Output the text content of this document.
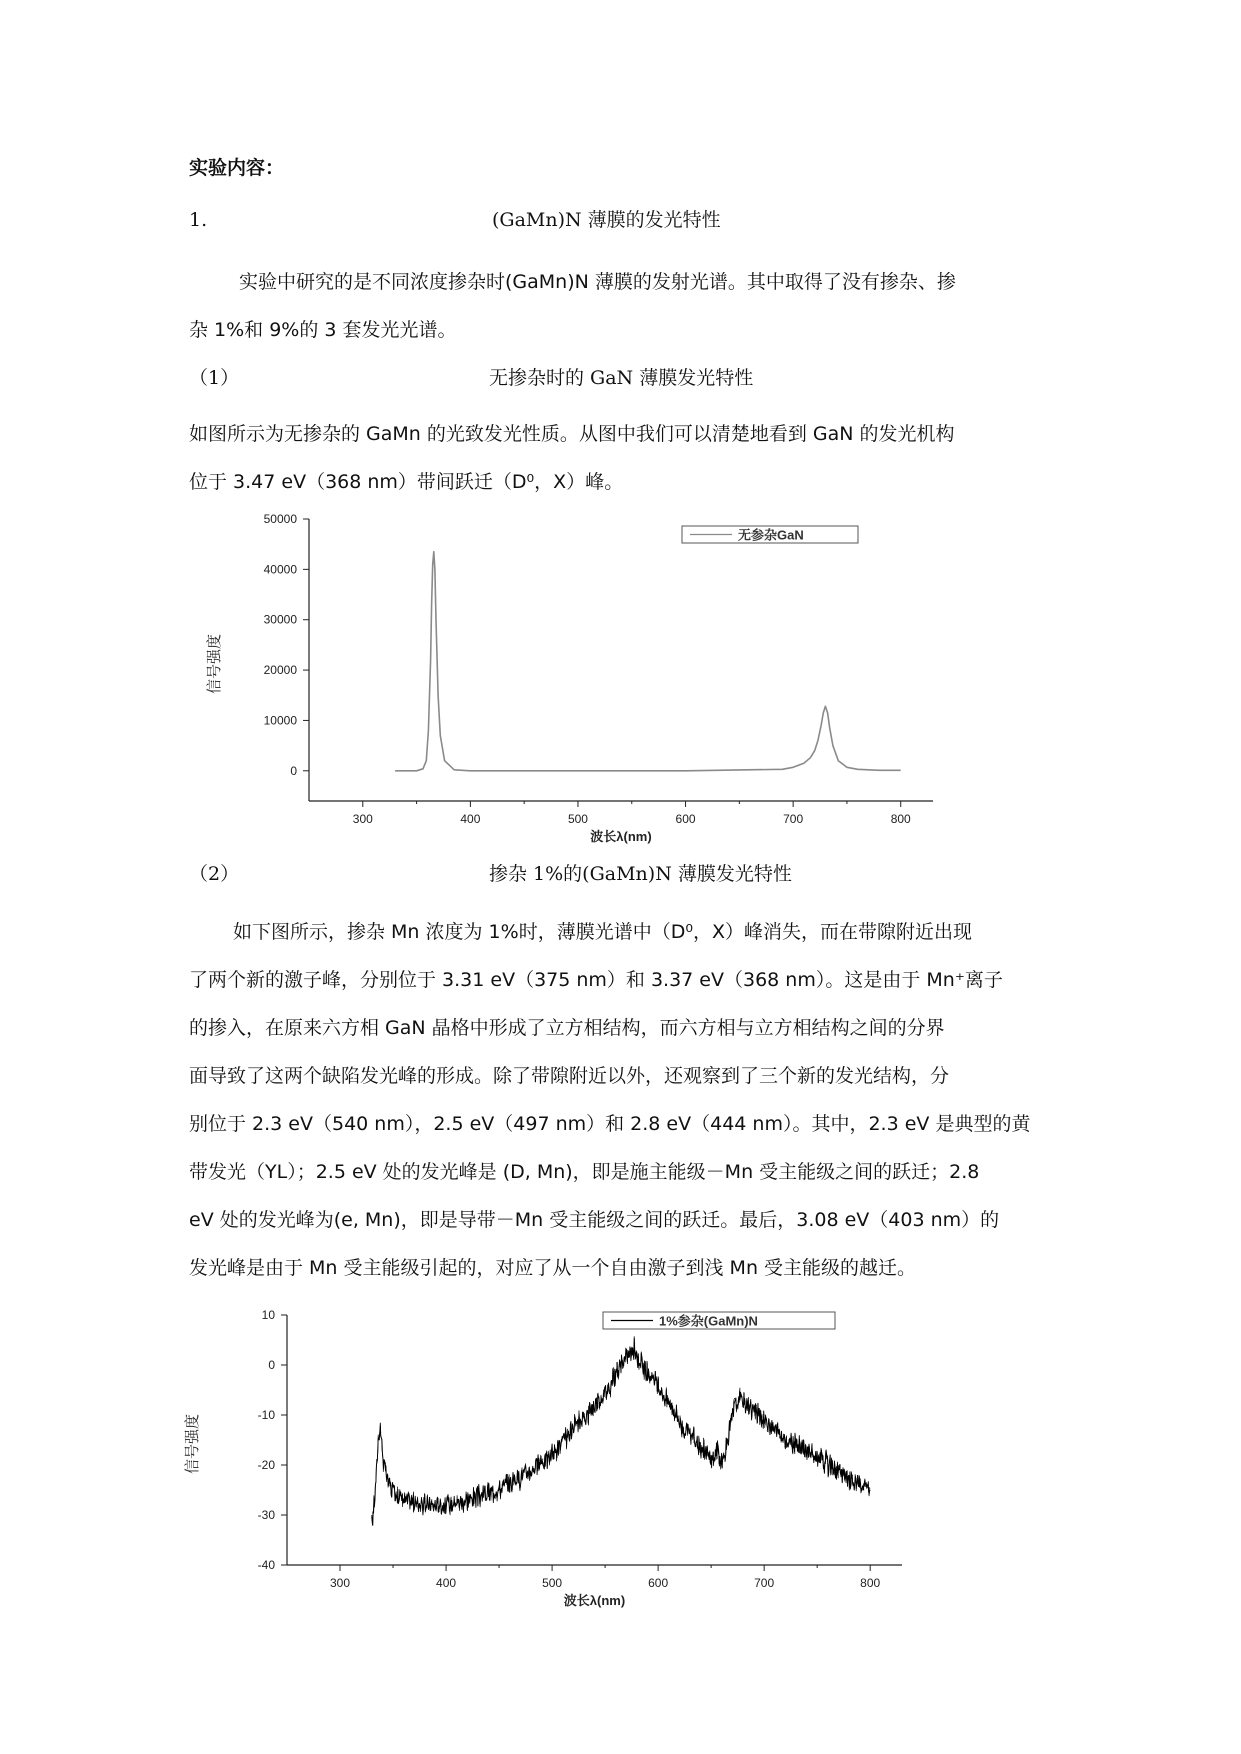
实验内容：

1.	(GaMn)N 薄膜的发光特性

实验中研究的是不同浓度掺杂时(GaMn)N 薄膜的发射光谱。其中取得了没有掺杂、掺

杂 1%和 9%的 3 套发光光谱。

（1）	无掺杂时的 GaN 薄膜发光特性

如图所示为无掺杂的 GaMn 的光致发光性质。从图中我们可以清楚地看到 GaN 的发光机构

位于 3.47 eV（368 nm）带间跃迁（D⁰，X）峰。

300	400	500	600	700	800
0
10000
20000
30000
40000
50000
波长λ(nm)
信号强度
无参杂GaN

（2）	掺杂 1%的(GaMn)N 薄膜发光特性

如下图所示，掺杂 Mn 浓度为 1%时，薄膜光谱中（D⁰，X）峰消失，而在带隙附近出现

了两个新的激子峰，分别位于 3.31 eV（375 nm）和 3.37 eV（368 nm）。这是由于 Mn⁺离子

的掺入，在原来六方相 GaN 晶格中形成了立方相结构，而六方相与立方相结构之间的分界

面导致了这两个缺陷发光峰的形成。除了带隙附近以外，还观察到了三个新的发光结构，分

别位于 2.3 eV（540 nm），2.5 eV（497 nm）和 2.8 eV（444 nm）。其中，2.3 eV 是典型的黄

带发光（YL）；2.5 eV 处的发光峰是 (D, Mn)，即是施主能级－Mn 受主能级之间的跃迁；2.8

eV 处的发光峰为(e, Mn)，即是导带－Mn 受主能级之间的跃迁。最后，3.08 eV（403 nm）的

发光峰是由于 Mn 受主能级引起的，对应了从一个自由激子到浅 Mn 受主能级的越迁。

300	400	500	600	700	800
-40
-30
-20
-10
0
10
波长λ(nm)
信号强度
1%参杂(GaMn)N
